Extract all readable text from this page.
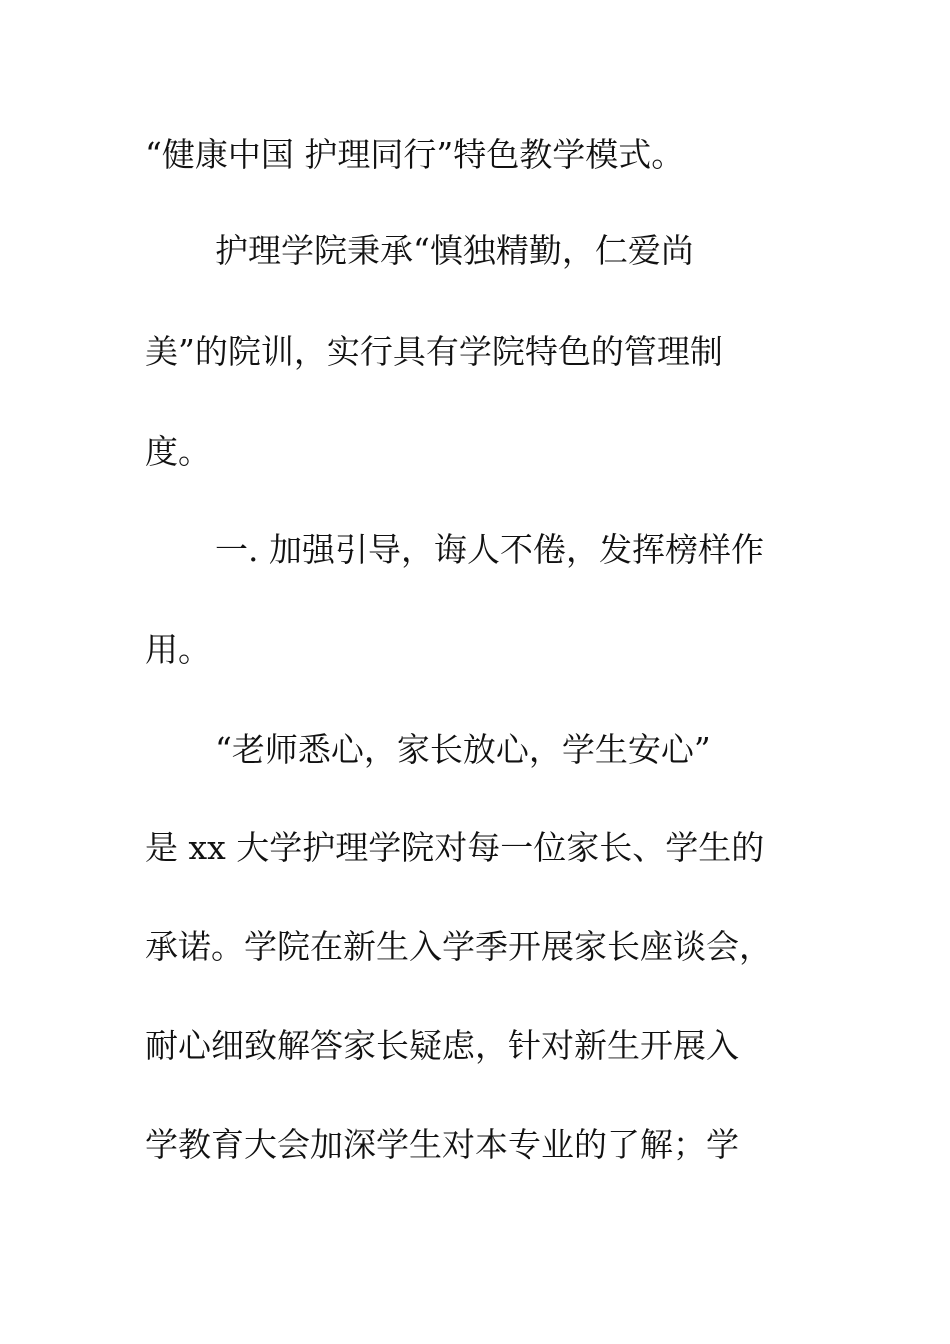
“健康中国 护理同行”特色教学模式。
护理学院秉承“慎独精勤，仁爱尚
美”的院训，实行具有学院特色的管理制
度。
一. 加强引导，诲人不倦，发挥榜样作
用。
“老师悉心，家长放心，学生安心”
是 xx 大学护理学院对每一位家长、学生的
承诺。学院在新生入学季开展家长座谈会，
耐心细致解答家长疑虑，针对新生开展入
学教育大会加深学生对本专业的了解；学
